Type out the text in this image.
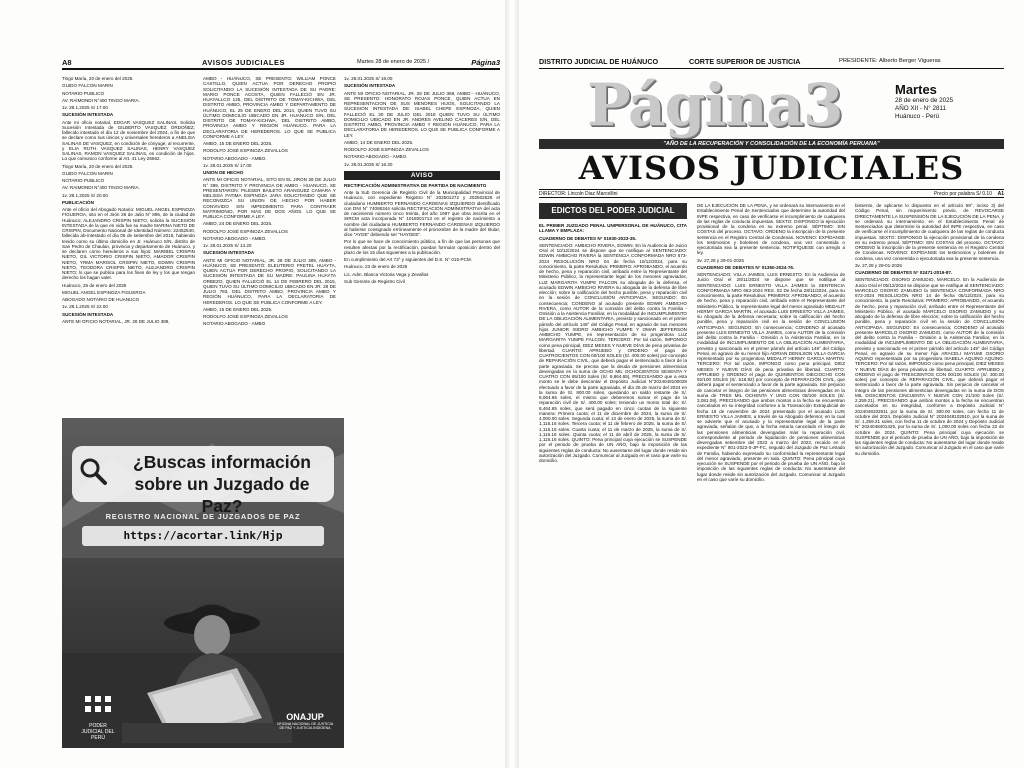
A8	AVISOS JUDICIALES	Martes 28 de enero de 2025 /	Página3

Tingo María, 20 de enero del 2025.

GUIDO FALCON MARIN

NOTARIO PUBLICO

AV. RAIMONDI N°400 TINGO MARIA.

1v. 28.1.2025 S/ 17.00

SUCESIÓN INTESTADA

Ante mi oficio notarial, EDGAR VASQUEZ SALINAS, Solicita Sucesión Intestada de GILBERTO VASQUEZ ORDOÑEZ, fallecido intestado el día 12 de noviembre del 2024, a fin de que se declare como sus únicos y universales herederos a ANELISA SALINAS DE VASQUEZ, en condición de cónyuge, al recurrente, y ELIA RUTH VASQUEZ SALINAS, HENRY VASQUEZ SALINAS, RAMON VASQUEZ SALINAS, en condición de hijos. Lo que comunico conforme al Art. 41 Ley 26662.

Tingo María, 20 de enero del 2025.

GUIDO FALCON MARIN

NOTARIO PUBLICO

AV. RAIMONDI N°400 TINGO MARIA.

1v. 28.1.2025 S/ 20.00

PUBLICACIÓN

Ante el oficio del Abogado Notario: MIGUEL ANGEL ESPINOZA FIGUEROA, sito en el Jirón 28 de Julio N° 895, de la ciudad de Huánuco; ALEJANDRO CRISPIN NIETO, solicita la SUCESIÓN INTESTADA de la que en vida fue su madre MARINA NIETO DE CRISPIN, Documento Nacional de Identidad Número: 22452540, fallecida ab-intestado el día 05 de setiembre del 2018, habiendo tenido como su último domicilio en Jr. Huánuco S/N, distrito de San Pedro de Chaulan, provincia y departamento de Huánuco, y se declaren como herederos a sus hijos: MARIBEL CRISPIN NIETO, GIL VICTORIO CRISPIN NIETO, AMADOR CRISPIN NIETO, YRMA MARISOL CRISPIN NIETO, EDWIN CRISPIN NIETO, TEODORA CRISPIN NIETO, ALEJANDRO CRISPIN NIETO; lo que se publica para los fines de ley y los que tengan derecho los hagan valer.

Huánuco, 25 de enero del 2025

MIGUEL ANGEL ESPINOZA FIGUEROA

ABOGADO NOTARIO DE HUANUCO

1v. 28.1.2025 S/ 22.00

SUCESIÓN INTESTADA

ANTE MI OFICIO NOTARIAL, JR. 28 DE JULIO 389,

AMBO - HUÁNUCO, SE PRESENTO: WILLIAM PONCE CASTILLO, QUIEN ACTUA POR DERECHO PROPIO SOLICITANDO LA SUCESIÓN INTESTADA DE SU PADRE: MARIO PONCE ACOSTA, QUIEN FALLECIÓ EN JR. HUAYALLCO 125, DEL DISTRITO DE TOMAY-KICHWA, DEL DISTRITO AMBO, PROVINCIA AMBO Y DEPARTAMENTO DE HUÁNUCO, EL 25 DE ENERO DEL 2014, QUIEN TUVO SU ÚLTIMO DOMICILIO UBICADO EN JR. HUANUCO S/N, DEL DISTRITO DE TOMAY-KICHWA, DEL DISTRITO AMBO, PROVINCIA AMBO Y REGIÓN HUÁNUCO. PARA LA DECLARATORIA DE HEREDEROS. LO QUE SE PUBLICA CONFORME A LEY.

AMBO, 15 DE ENERO DEL 2025.

RODOLFO JOSÉ ESPINOZA ZEVALLOS

NOTARIO ABOGADO - AMBO.

1v. 28.01.2025 S/ 17.00

UNION DE HECHO

ANTE MI OFICIO NOTARIAL, SITO EN EL JIRON 28 DE JULIO N° 389, DISTRITO Y PROVINCIA DE AMBO - HUANUCO, SE PRESENTARON: PILESER BAILETO ARANGUEZ CAMARA Y MELISSA FATIMA ESPINOZA JARA SOLICITANDO QUE SE RECONOZCA SU UNION DE HECHO POR HABER CONVIVIDO SIN IMPEDIMENTO PARA CONTRAER MATRIMONIO, POR MAS DE DOS AÑOS. LO QUE SE PUBLICA CONFORME A LEY.

AMBO, 24 DE ENERO DEL 2025.

RODOLFO JOSÉ ESPINOZA ZEVALLOS

NOTARIO ABOGADO - AMBO.

1v. 28.01.2025 S/ 14.20

SUCESIÓN INTESTADA

ANTE MI OFICIO NOTARIAL, JR. 28 DE JULIO 389, AMBO - HUÁNUCO, SE PRESENTÓ: ELEUTERIO FRETEL HUAYTA, QUIEN ACTUA POR DERECHO PROPIO, SOLICITANDO LA SUCESIÓN INTESTADA DE SU MADRE: PAULINA HUAYTA ORBEZO, QUIEN FALLECIÓ EL 14 DE FEBRERO DEL 2015, QUIEN TUVO SU ÚLTIMO DOMICILIO UBICADO EN JR. 28 DE JULIO 783, DEL DISTRITO AMBO, PROVINCIA AMBO Y REGIÓN HUÁNUCO, PARA LA DECLARATORIA DE HEREDEROS. LO QUE SE PUBLICA CONFORME A LEY.

AMBO, 15 DE ENERO DEL 2025.

RODOLFO JOSÉ ESPINOZA ZEVALLOS

NOTARIO ABOGADO - AMBO

1v. 28.01.2025 S/ 16.00

SUCESIÓN INTESTADA

ANTE MI OFICIO NOTARIAL, JR. 28 DE JULIO 389, AMBO - HUÁNUCO, SE PRESENTO: HONORATO ROJAS PONCE, QUIEN ACTUA EN REPRESENTACION DE SUS MENORES HIJOS, SOLICITANDO LA SUCESIÓN INTESTADA DE: ISABEL CHEPE ESPINOZA, QUIEN FALLECIÓ EL 30 DE JULIO DEL 2018 QUIEN TUVO SU ÚLTIMO DOMICILIO UBICADO EN JR. ANDRES AVELINO CACERES S/N, DEL DISTRITO AMBO, PROVINCIA AMBO Y REGIÓN HUÁNUCO, PARA LA DECLARATORIA DE HEREDEROS. LO QUE SE PUBLICA CONFORME A LEY.

AMBO, 14 DE ENERO DEL 2025.

RODOLFO JOSÉ ESPINOZA ZEVALLOS

NOTARIO ABOGADO - AMBO.

1v. 28.01.2025 S/ 16.20

AVISO

RECTIFICACIÓN ADMINISTRATIVA DE PARTIDA DE NACIMIENTO

Ante la Sub Gerencia de Registro Civil de la Municipalidad Provincial de Huánuco, con expediente Registro N° 202501272 y 202502526 el ciudadano HUMBERTO FERNANDO CARDENAS IZQUIERDO identificado con DNI N° 74086344 solicita RECTIFICACIÓN ADMINISTRATIVA del acta de nacimiento número cinco treinta, del año 1997 que obra inscrita en el SIRCM acta incorporada N° 1018001713 en el registro de nacimiento a nombre del ciudadano HUMBERTO FERNANDO CÁRDENAS IZQUIERDO al haberse consignado erróneamente el pronombre de la madre del titular, dice "AYDE" debiendo ser "HAYDEE".

Por lo que se hace de conocimiento público, a fin de que las personas que resulten afectas por la rectificación, puedan formular oposición dentro del plazo de los 15 días siguientes a la publicación.

En cumplimiento del Art 73° y siguientes del D.S. N° 015-PCM.

Huánuco, 23 de enero de 2025

Lic. Adm. Blanca Victoria Vega y Zevallos

Sub Gerente de Registro Civil

¿Buscas información sobre un Juzgado de Paz?
REGISTRO NACIONAL DE JUZGADOS DE PAZ
https://acortar.link/Hjp
PODER JUDICIAL DEL PERÚ
ONAJUP
OFICINA NACIONAL DE JUSTICIA DE PAZ Y JUSTICIA INDÍGENA
DISTRITO JUDICIAL DE HUÁNUCO	CORTE SUPERIOR DE JUSTICIA	PRESIDENTE: Alberto Berger Vigueras
Página3	Martes
28 de enero de 2025
AÑO XII - N° 2811
Huánuco - Perú
"AÑO DE LA RECUPERACIÓN Y CONSOLIDACIÓN DE LA ECONOMÍA PERUANA"
AVISOS JUDICIALES
DIRECTOR: Lincoln Diaz Marcellini	Precio por palabra S/ 0.10 A1
EDICTOS DEL PODER JUDICIAL

EL PRIMER JUZGADO PENAL UNIPERSONAL DE HUÁNUCO, CITA LLAMA Y EMPLAZA:

CUADERNO DE DEBATES N° 01930-2023-35.

SENTENCIADO: AMBICHO RIVERA, EDWIN. En la Audiencia de Juicio Oral el 10/12/2024 se dispone que se notifique al SENTENCIADO: EDWIN AMBICHO RIVERA la SENTENCIA CONFORMADA NRO 673-2024 RESOLUCIÓN NRO 04 de fecha 10/12/2024, para su conocimiento, la parte Resolutiva: PRIMERO: APROBANDO, el acuerdo de hecho, pena y reparación civil, arribado entre la Representante del Ministerio Público, la representante legal de los menores agraviados, LUZ MARGARITA YUMPE FALCON su abogada de la defensa, el acusado EDWIN AMBICHO RIVERA su abogada de la defensa de libre elección; sobre la calificación del hecho punible, pena y reparación civil en la sesión de CONCLUSIÓN ANTICIPADA. SEGUNDO: En consecuencia; CONDENO al acusado presente EDWIN AMBICHO RIVERA, como AUTOR de la comisión del delito contra la Familia - Omisión a la Asistencia Familiar, en la modalidad de INCUMPLIMIENTO DE LA OBLIGACIÓN ALIMENTARIA, previsto y sancionado en el primer párrafo del artículo 149° del Código Penal, en agravio de sus menores hijos JUNIOR ISIDRO AMBICHO YUMPE Y OMAR JEFFERSON AMBICHO YUMPE, en representación de su progenitora LUZ MARGARITA YUMPE FALCON. TERCERO: Por tal razón, IMPONGO como pena principal, DIEZ MESES Y NUEVE DÍAS de pena privativa de libertad. CUARTO: APRUEBO y ORDENO el pago de CUATROCIENTOS CON 00/100 SOLES (S/. 400.00 soles) por concepto de REPARACIÓN CIVIL, que deberá pagar el sentenciado a favor de la parte agraviada. Se precisa que la deuda de pensiones alimenticias devengadas en la suma de OCHO MIL OCHOCIENTOS SESENTA Y CUATRO CON 65/100 Soles (S/. 8,864.65), PRECISANDO que a esta monto se le debe descontar el Depósito Judicial N°2024048100028 efectuado a favor de la parte agraviada, el día 25 de marzo del 2024 en la suma de S/. 800.00 soles, quedando un saldo restante de S/. 8,064.65 soles, el mismo que deberemos sumar el pago de la reparación civil de S/. 400.00 soles; teniendo un monto total de: S/. 8,464.65 soles, que será pagado en cinco cuotas de la siguiente manera: Primera cuota; el 11 de diciembre de 2024, la suma de S/. 4,000.00 soles. Segunda cuota; el 13 de enero de 2025, la suma de S/. 1,116.16 soles. Tercera cuota; el 11 de febrero de 2025, la suma de S/. 1,116.16 soles. Cuarta cuota; el 11 de marzo de 2025, la suma de S/. 1,116.16 soles. Quinta cuota; el 11 de abril de 2025, la suma de S/. 1,116.16 soles. QUINTO: Pena principal cuya ejecución se SUSPENDE por el periodo de prueba de UN AÑO, bajo la imposición de las siguientes reglas de conducta: No ausentarse del lugar donde reside sin autorización del Juzgado. Comunicar al Juzgado en el caso que varíe su domicilio.

DE LA EJECUCIÓN DE LA PENA, y se ordenará su internamiento en el Establecimiento Penal de Sentenciados que determine la autoridad del INPE respectiva, en caso de verificarse el incumplimiento de cualquiera de las reglas de conducta impuestas. SEXTO: DISPONGO la ejecución provisional de la condena en su extremo penal. SÉPTIMO: SIN COSTAS del proceso. OCTAVO: ORDENO la inscripción de la presente sentencia en el Registro Central de Condenas. NOVENO: EXPÍDANSE los testimonios y boletines de condena, una vez consentida o ejecutoriada sea la presente sentencia. NOTIFÍQUESE con arreglo a ley.

3v. 27,28 y 29-01-2025

CUADERNO DE DEBATES N° 01350-2024-76.

SENTENCIADO: VILLA JAIMES, LUIS ERNESTO. En la Audiencia de Juicio Oral el 28/11/2024 se dispone que se notifique al SENTENCIADO: LUIS ERNESTO VILLA JAIMES la SENTENCIA CONFORMADA NRO 663-2024 RES. 03 De fecha 28/11/2024, para su conocimiento, la parte Resolutiva: PRIMERO: APROBANDO, el acuerdo de hecho, pena y reparación civil, arribado entre el Representante del Ministerio Público, la representante legal del menor agraviado MEDALIT HERMY GARCIA MARTIN, el acusado LUIS ERNESTO VILLA JAIMES, su Abogado de la defensa necesaria; sobre la calificación del hecho punible, pena y reparación civil en la sesión de CONCLUSIÓN ANTICIPADA. SEGUNDO: En consecuencia; CONDENO al acusado presente LUIS ERNESTO VILLA JAIMES, como AUTOR de la comisión del delito contra la Familia - Omisión a la Asistencia Familiar, en la modalidad de INCUMPLIMIENTO DE LA OBLIGACIÓN ALIMENTARIA, previsto y sancionado en el primer párrafo del artículo 149° del Código Penal, en agravio de su menor hijo ADRIAN DENILSON VILLA GARCIA representado por su progenitora MEDALIT HERMY GARCIA MARTIN. TERCERO: Por tal razón, IMPONGO como pena principal, DIEZ MESES Y NUEVE DÍAS de pena privativa de libertad. CUARTO: APRUEBO y ORDENO el pago de QUINIENTOS DIECIOCHO CON 92/100 SOLES (S/. 518.92) por concepto de REPARACIÓN CIVIL, que deberá pagar el sentenciado a favor de la parte agraviada. Sin perjuicio de cancelar el íntegro de las pensiones alimenticias devengadas en la suma de TRES MIL OCHENTA Y UNO CON 08/100 SOLES (S/. 3,081.08). PRECISANDO que ambos montos a la fecha se encuentran cancelados en su integridad conforme a la Transacción Extrajudicial de fecha 19 de noviembre de 2024 presentado por el acusado LUIS ERNESTO VILLA JAIMES, a través de su Abogado defensor, en la cual se advierte que el acusado y la representante legal de la parte agraviada, señalan de que, a la fecha estaría cancelado el íntegro de las pensiones alimenticias devengadas más la reparación civil, correspondiente al periodo de liquidación de pensiones alimenticias devengadas setiembre del 2022 a marzo del 2023, recaído en el expediente N° 801-2022-0-JP-FC, seguido del Juzgado de Paz Letrado de Familia, habiendo expresado su conformidad la representante legal del menor agraviado, presente en sala. QUINTO: Pena principal cuya ejecución se SUSPENDE por el periodo de prueba de UN AÑO, bajo la imposición de las siguientes reglas de conducta: No ausentarse del lugar donde reside sin autorización del Juzgado. Comunicar al Juzgado en el caso que varíe su domicilio.

bimiento, de aplicarse lo dispuesto en el artículo 59°, inciso 3) del Código Penal, sin requerimiento previo, de REVOCARSE DIRECTAMENTE LA SUSPENSIÓN DE LA EJECUCIÓN DE LA PENA, y se ordenará su internamiento en el Establecimiento Penal de Sentenciados que determine la autoridad del INPE respectiva, en caso de verificarse el incumplimiento de cualquiera de las reglas de conducta impuestas. SEXTO: DISPONGO la ejecución provisional de la condena en su extremo penal. SÉPTIMO: SIN COSTAS del proceso. OCTAVO: ORDENO la inscripción de la presente sentencia en el Registro Central de Condenas. NOVENO: EXPÍDANSE los testimonios y boletines de condena, una vez consentida o ejecutoriada sea la presente sentencia.

3v. 27,28 y 29-01-2025

CUADERNO DE DEBATES N° 02471-2019-87.

SENTENCIADO: OSORIO ZAMUDIO, MARCELO. En la Audiencia de Juicio Oral el 05/12/2024 se dispone que se notifique al SENTENCIADO: MARCELO OSORIO ZAMUDIO la SENTENCIA CONFORMADA NRO 672-2024 RESOLUCIÓN NRO 14 de fecha 05/12/2024, para su conocimiento, la parte Resolutiva: PRIMERO: APROBANDO, el acuerdo de hecho, pena y reparación civil, arribado entre el Representante del Ministerio Público, el acusado MARCELO OSORIO ZAMUDIO y su abogado de la defensa de libre elección; sobre la calificación del hecho punible, pena y reparación civil en la sesión de CONCLUSIÓN ANTICIPADA. SEGUNDO: En consecuencia; CONDENO al acusado presente MARCELO OSORIO ZAMUDIO, como AUTOR de la comisión del delito contra la Familia - Omisión a la Asistencia Familiar, en la modalidad de INCUMPLIMIENTO DE LA OBLIGACIÓN ALIMENTARIA, previsto y sancionado en el primer párrafo del artículo 149° del Código Penal, en agravio de su menor hija ARACELI MAYUMI OSORIO AQUINO representada por su progenitora ISABELA AQUINO AQUINO. TERCERO: Por tal razón, IMPONGO como pena principal, DIEZ MESES Y NUEVE DÍAS de pena privativa de libertad. CUARTO: APRUEBO y ORDENO el pago de TRESCIENTOS CON 00/100 SOLES (S/. 300.00 soles) por concepto de REPARACIÓN CIVIL, que deberá pagar el sentenciado a favor de la parte agraviada. Sin perjuicio de cancelar el íntegro de las pensiones alimenticias devengadas en la suma de DOS MIL DOSCIENTOS CINCUENTA Y NUEVE CON 21/100 Soles (S/. 2,259.21). PRECISANDO que ambos montos a la fecha se encuentran cancelados en su integridad, conforme a Depósito Judicial N° 2024048102911 por la suma de S/. 300.00 soles, con fecha 11 de octubre del 2024, Depósito Judicial N° 2024048102910, por la suma de S/. 1,259.21 soles, con fecha 11 de octubre de 2024 y Depósito Judicial N° 2024048401425, por la suma de S/. 1,000.00 soles con fecha 22 de octubre de 2024. QUINTO: Pena principal cuya ejecución se SUSPENDE por el periodo de prueba de UN AÑO, bajo la imposición de las siguientes reglas de conducta: No ausentarse del lugar donde reside sin autorización del Juzgado. Comunicar al Juzgado en el caso que varíe su domicilio.
